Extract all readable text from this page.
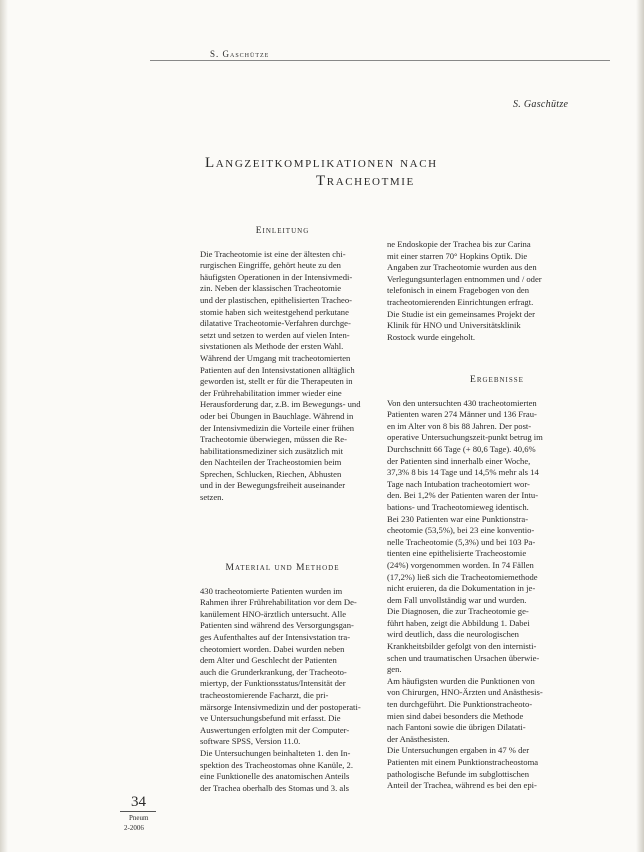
S. Gaschütze
S. Gaschütze
Langzeitkomplikationen nach
Tracheotmie
Einleitung
Die Tracheotomie ist eine der ältesten chi-
rurgischen Eingriffe, gehört heute zu den
häufigsten Operationen in der Intensivmedi-
zin. Neben der klassischen Tracheotomie
und der plastischen, epithelisierten Tracheo-
stomie haben sich weitestgehend perkutane
dilatative Tracheotomie-Verfahren durchge-
setzt und setzen to werden auf vielen Inten-
sivstationen als Methode der ersten Wahl.
Während der Umgang mit tracheotomierten
Patienten auf den Intensivstationen alltäglich
geworden ist, stellt er für die Therapeuten in
der Frührehabilitation immer wieder eine
Herausforderung dar, z.B. im Bewegungs- und
oder bei Übungen in Bauchlage. Während in
der Intensivmedizin die Vorteile einer frühen
Tracheotomie überwiegen, müssen die Re-
habilitationsmediziner sich zusätzlich mit
den Nachteilen der Tracheostomien beim
Sprechen, Schlucken, Riechen, Abhusten
und in der Bewegungsfreiheit auseinander
setzen.
Material und Methode
430 tracheotomierte Patienten wurden im
Rahmen ihrer Frührehabilitation vor dem De-
kanülement HNO-ärztlich untersucht. Alle
Patienten sind während des Versorgungsgan-
ges Aufenthaltes auf der Intensivstation tra-
cheotomiert worden. Dabei wurden neben
dem Alter und Geschlecht der Patienten
auch die Grunderkrankung, der Tracheoto-
miertyp, der Funktionsstatus/Intensität der
tracheostomierende Facharzt, die pri-
märsorge Intensivmedizin und der postoperati-
ve Untersuchungsbefund mit erfasst. Die
Auswertungen erfolgten mit der Computer-
software SPSS, Version 11.0.
Die Untersuchungen beinhalteten 1. den In-
spektion des Tracheostomas ohne Kanüle, 2.
eine Funktionelle des anatomischen Anteils
der Trachea oberhalb des Stomas und 3. als
ne Endoskopie der Trachea bis zur Carina
mit einer starren 70° Hopkins Optik. Die
Angaben zur Tracheotomie wurden aus den
Verlegungsunterlagen entnommen und / oder
telefonisch in einem Fragebogen von den
tracheotomierenden Einrichtungen erfragt.
Die Studie ist ein gemeinsames Projekt der
Klinik für HNO und Universitätsklinik
Rostock wurde eingeholt.
Ergebnisse
Von den untersuchten 430 tracheotomierten
Patienten waren 274 Männer und 136 Frau-
en im Alter von 8 bis 88 Jahren. Der post-
operative Untersuchungszeit-punkt betrug im
Durchschnitt 66 Tage (+ 80,6 Tage). 40,6%
der Patienten sind innerhalb einer Woche,
37,3% 8 bis 14 Tage und 14,5% mehr als 14
Tage nach Intubation tracheotomiert wor-
den. Bei 1,2% der Patienten waren der Intu-
bations- und Tracheotomieweg identisch.
Bei 230 Patienten war eine Punktionstra-
cheotomie (53,5%), bei 23 eine konventio-
nelle Tracheotomie (5,3%) und bei 103 Pa-
tienten eine epithelisierte Tracheostomie
(24%) vorgenommen worden. In 74 Fällen
(17,2%) ließ sich die Tracheotomiemethode
nicht eruieren, da die Dokumentation in je-
dem Fall unvollständig war und wurden.
Die Diagnosen, die zur Tracheotomie ge-
führt haben, zeigt die Abbildung 1. Dabei
wird deutlich, dass die neurologischen
Krankheitsbilder gefolgt von den internisti-
schen und traumatischen Ursachen überwie-
gen.
Am häufigsten wurden die Punktionen von
von Chirurgen, HNO-Ärzten und Anästhesis-
ten durchgeführt. Die Punktionstracheoto-
mien sind dabei besonders die Methode
nach Fantoni sowie die übrigen Dilatati-
der Anästhesisten.
Die Untersuchungen ergaben in 47 % der
Patienten mit einem Punktionstracheostoma
pathologische Befunde im subglottischen
Anteil der Trachea, während es bei den epi-
34
Pneum
2-2006
